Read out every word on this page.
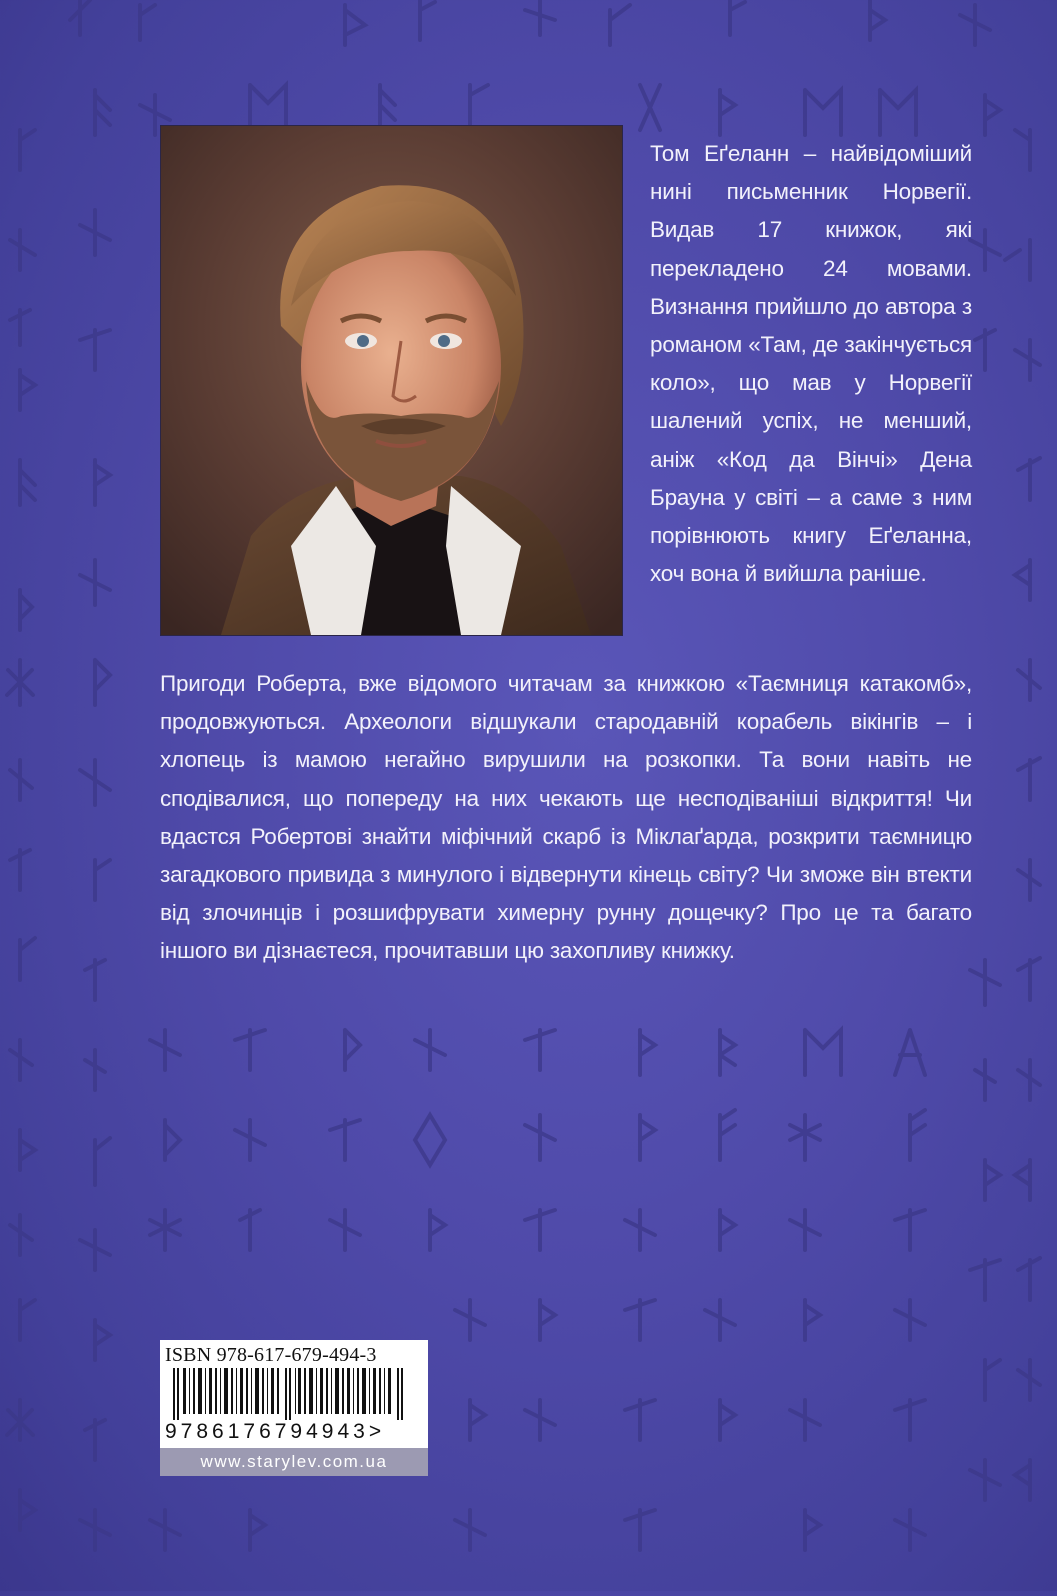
Том Еґеланн – найвідоміший нині письменник Норвегії. Видав 17 книжок, які перекладено 24 мовами. Визнання прийшло до автора з романом «Там, де закінчується коло», що мав у Норвегії шалений успіх, не менший, аніж «Код да Вінчі» Дена Брауна у світі – а саме з ним порівнюють книгу Еґеланна, хоч вона й вийшла раніше.
Пригоди Роберта, вже відомого читачам за книжкою «Таємниця катакомб», продовжуються. Археологи відшукали стародавній корабель вікінгів – і хлопець із мамою негайно вирушили на розкопки. Та вони навіть не сподівалися, що попереду на них чекають ще несподіваніші відкриття! Чи вдастся Робертові знайти міфічний скарб із Міклаґарда, розкрити таємницю загадкового привида з минулого і відвернути кінець світу? Чи зможе він втекти від злочинців і розшифрувати химерну рунну дощечку? Про це та багато іншого ви дізнаєтеся, прочитавши цю захопливу книжку.
ISBN 978-617-679-494-3
9786176794943>
www.starylev.com.ua
